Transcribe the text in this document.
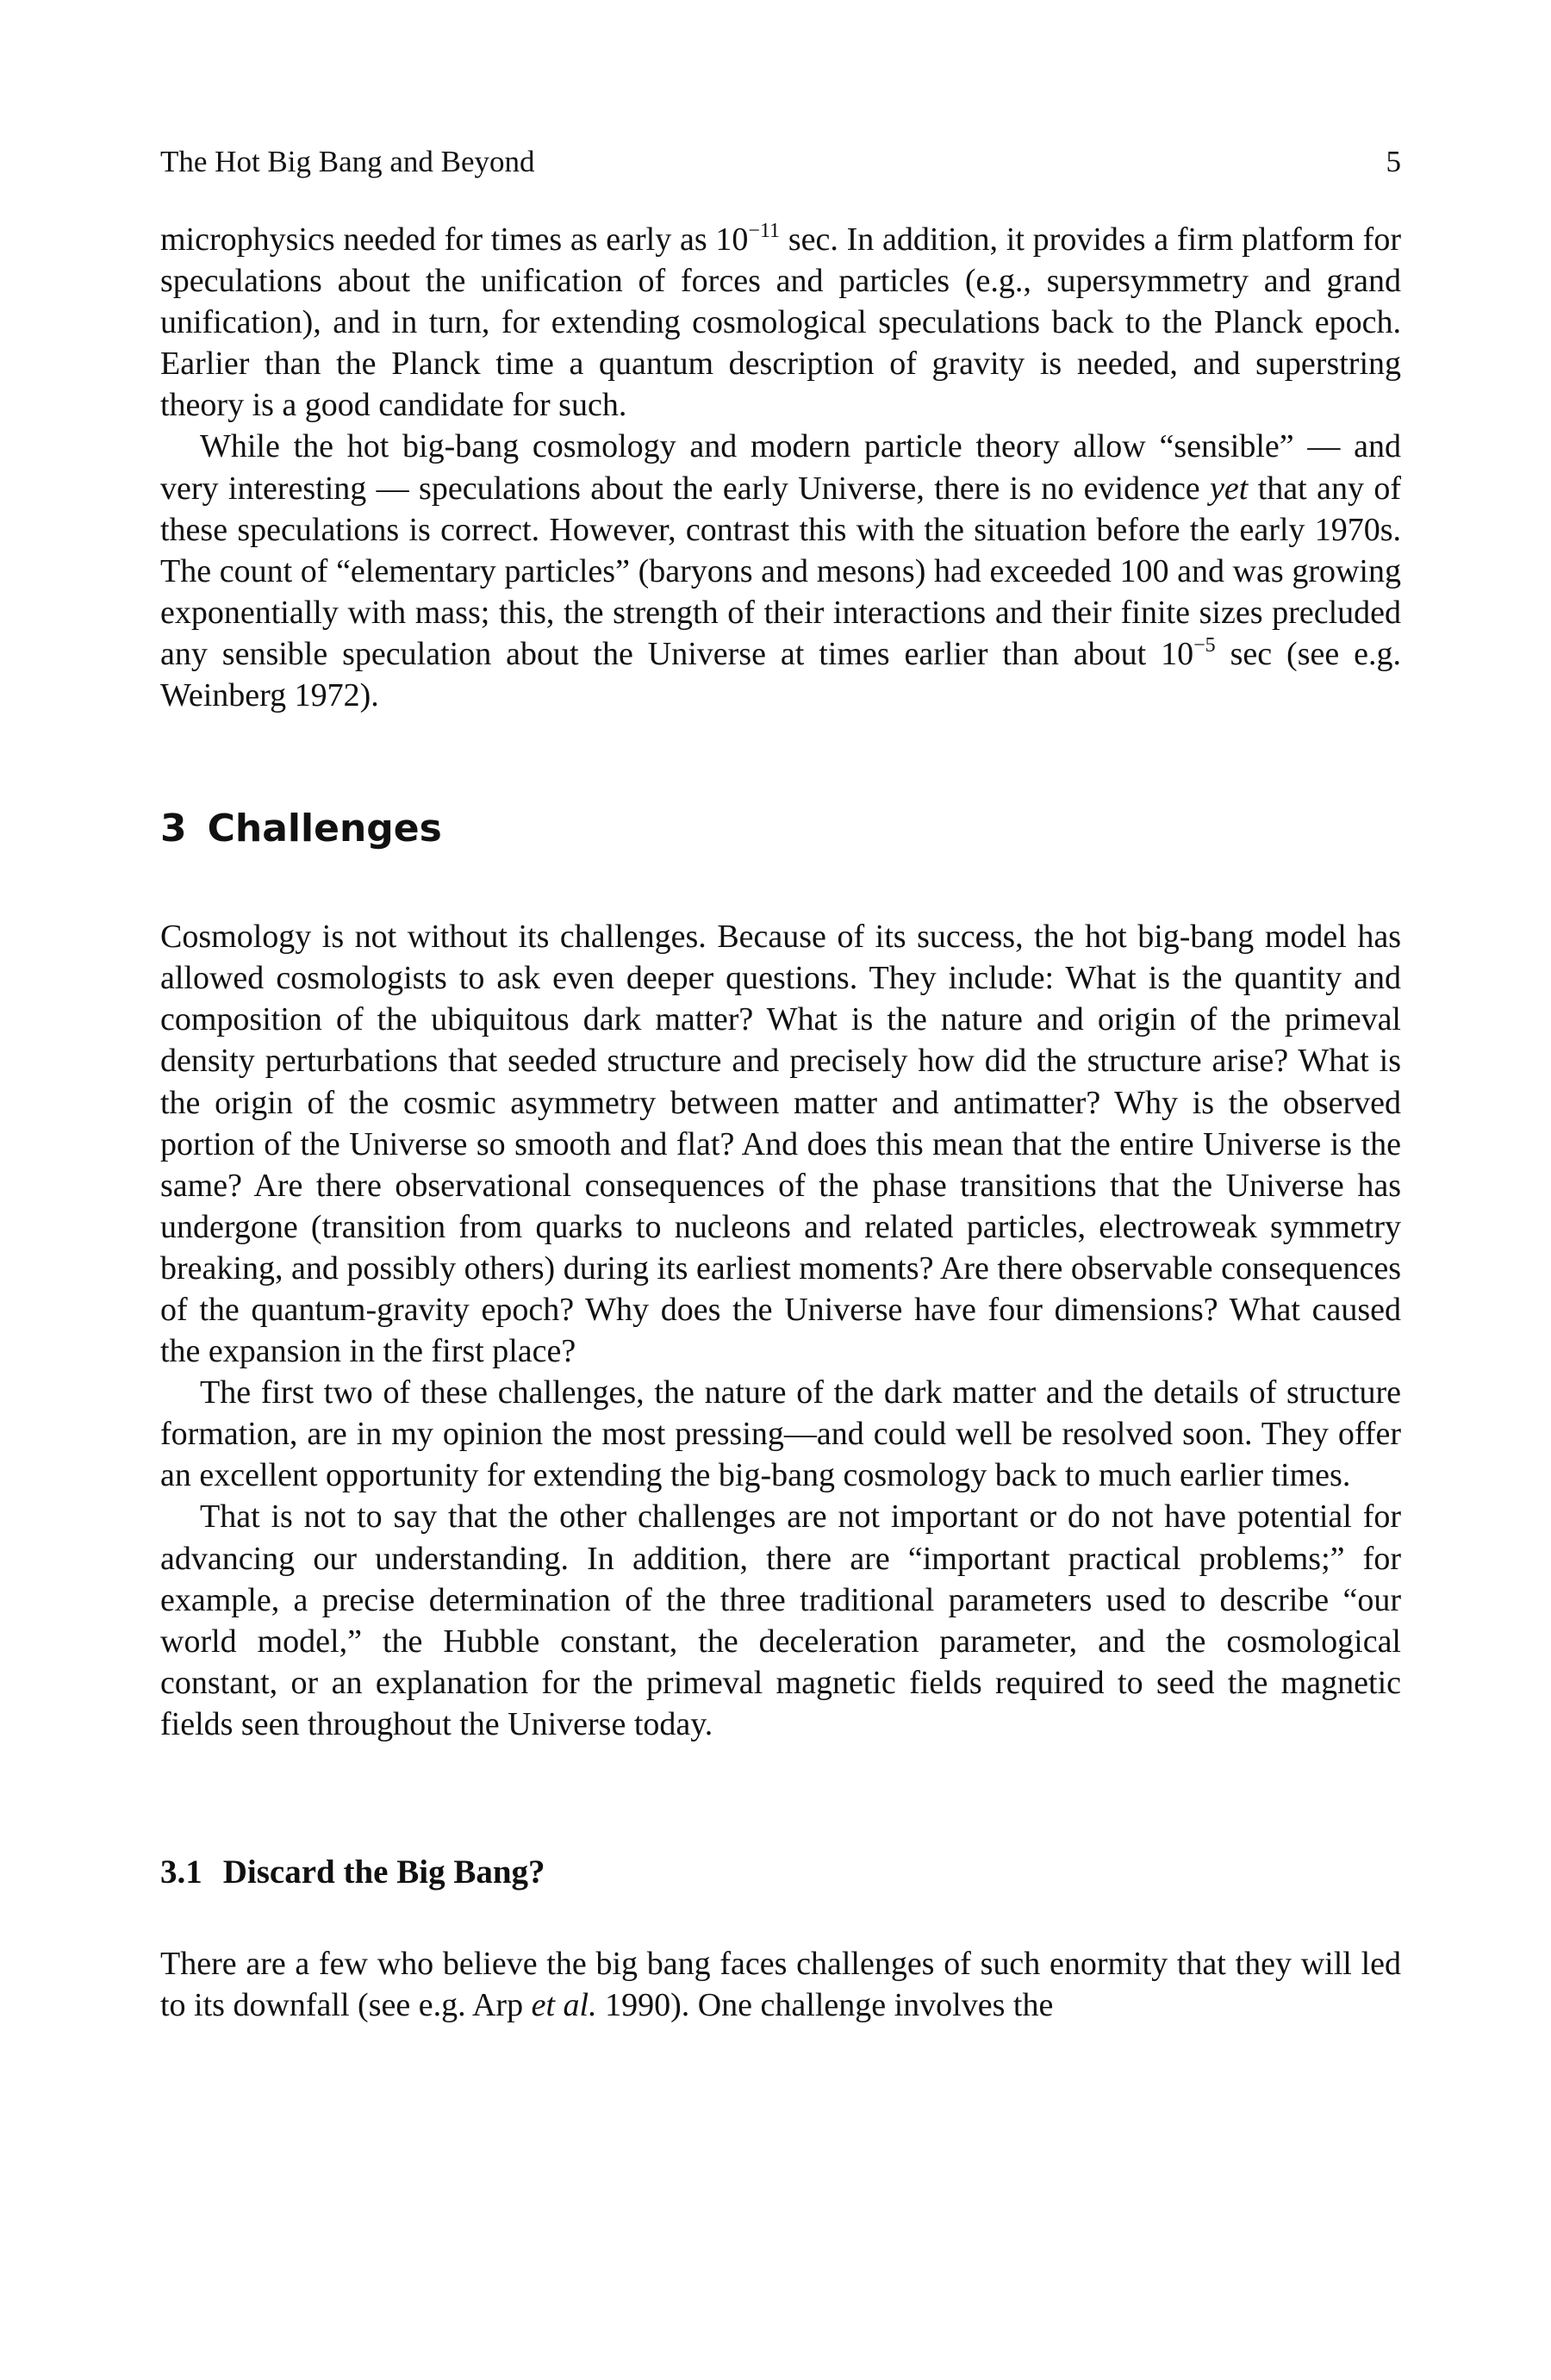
The Hot Big Bang and Beyond	5

microphysics needed for times as early as $10^{-11}$ sec. In addition, it provides a firm platform for speculations about the unification of forces and particles (e.g., supersymmetry and grand unification), and in turn, for extending cosmological speculations back to the Planck epoch. Earlier than the Planck time a quantum description of gravity is needed, and superstring theory is a good candidate for such.

While the hot big-bang cosmology and modern particle theory allow “sensible” — and very interesting — speculations about the early Universe, there is no evidence yet that any of these speculations is correct. However, contrast this with the situation before the early 1970s. The count of “elementary particles” (baryons and mesons) had exceeded 100 and was growing exponentially with mass; this, the strength of their interactions and their finite sizes precluded any sensible speculation about the Universe at times earlier than about $10^{-5}$ sec (see e.g. Weinberg 1972).

3 Challenges

Cosmology is not without its challenges. Because of its success, the hot big-bang model has allowed cosmologists to ask even deeper questions. They include: What is the quantity and composition of the ubiquitous dark matter? What is the nature and origin of the primeval density perturbations that seeded structure and precisely how did the structure arise? What is the origin of the cosmic asymmetry between matter and antimatter? Why is the observed portion of the Universe so smooth and flat? And does this mean that the entire Universe is the same? Are there observational consequences of the phase transitions that the Universe has undergone (transition from quarks to nucleons and related particles, electroweak symmetry breaking, and possibly others) during its earliest moments? Are there observable consequences of the quantum-gravity epoch? Why does the Universe have four dimensions? What caused the expansion in the first place?

The first two of these challenges, the nature of the dark matter and the details of structure formation, are in my opinion the most pressing—and could well be resolved soon. They offer an excellent opportunity for extending the big-bang cosmology back to much earlier times.

That is not to say that the other challenges are not important or do not have potential for advancing our understanding. In addition, there are “important practical problems;” for example, a precise determination of the three traditional parameters used to describe “our world model,” the Hubble constant, the deceleration parameter, and the cosmological constant, or an explanation for the primeval magnetic fields required to seed the magnetic fields seen throughout the Universe today.

3.1 Discard the Big Bang?

There are a few who believe the big bang faces challenges of such enormity that they will led to its downfall (see e.g. Arp et al. 1990). One challenge involves the
